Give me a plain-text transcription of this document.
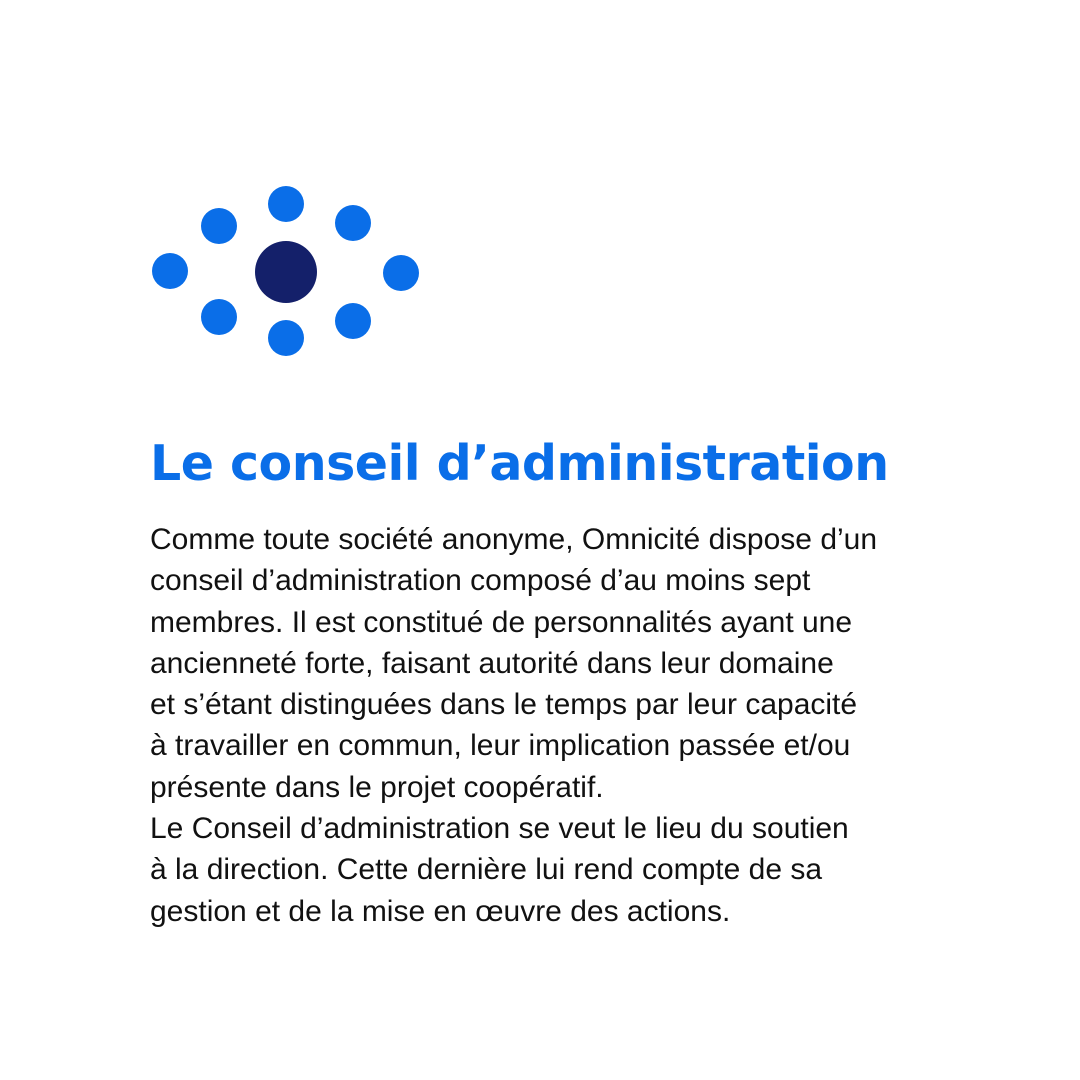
Le conseil d’administration

Comme toute société anonyme, Omnicité dispose d’un
conseil d’administration composé d’au moins sept
membres. Il est constitué de personnalités ayant une
ancienneté forte, faisant autorité dans leur domaine
et s’étant distinguées dans le temps par leur capacité
à travailler en commun, leur implication passée et/ou
présente dans le projet coopératif.
Le Conseil d’administration se veut le lieu du soutien
à la direction. Cette dernière lui rend compte de sa
gestion et de la mise en œuvre des actions.
